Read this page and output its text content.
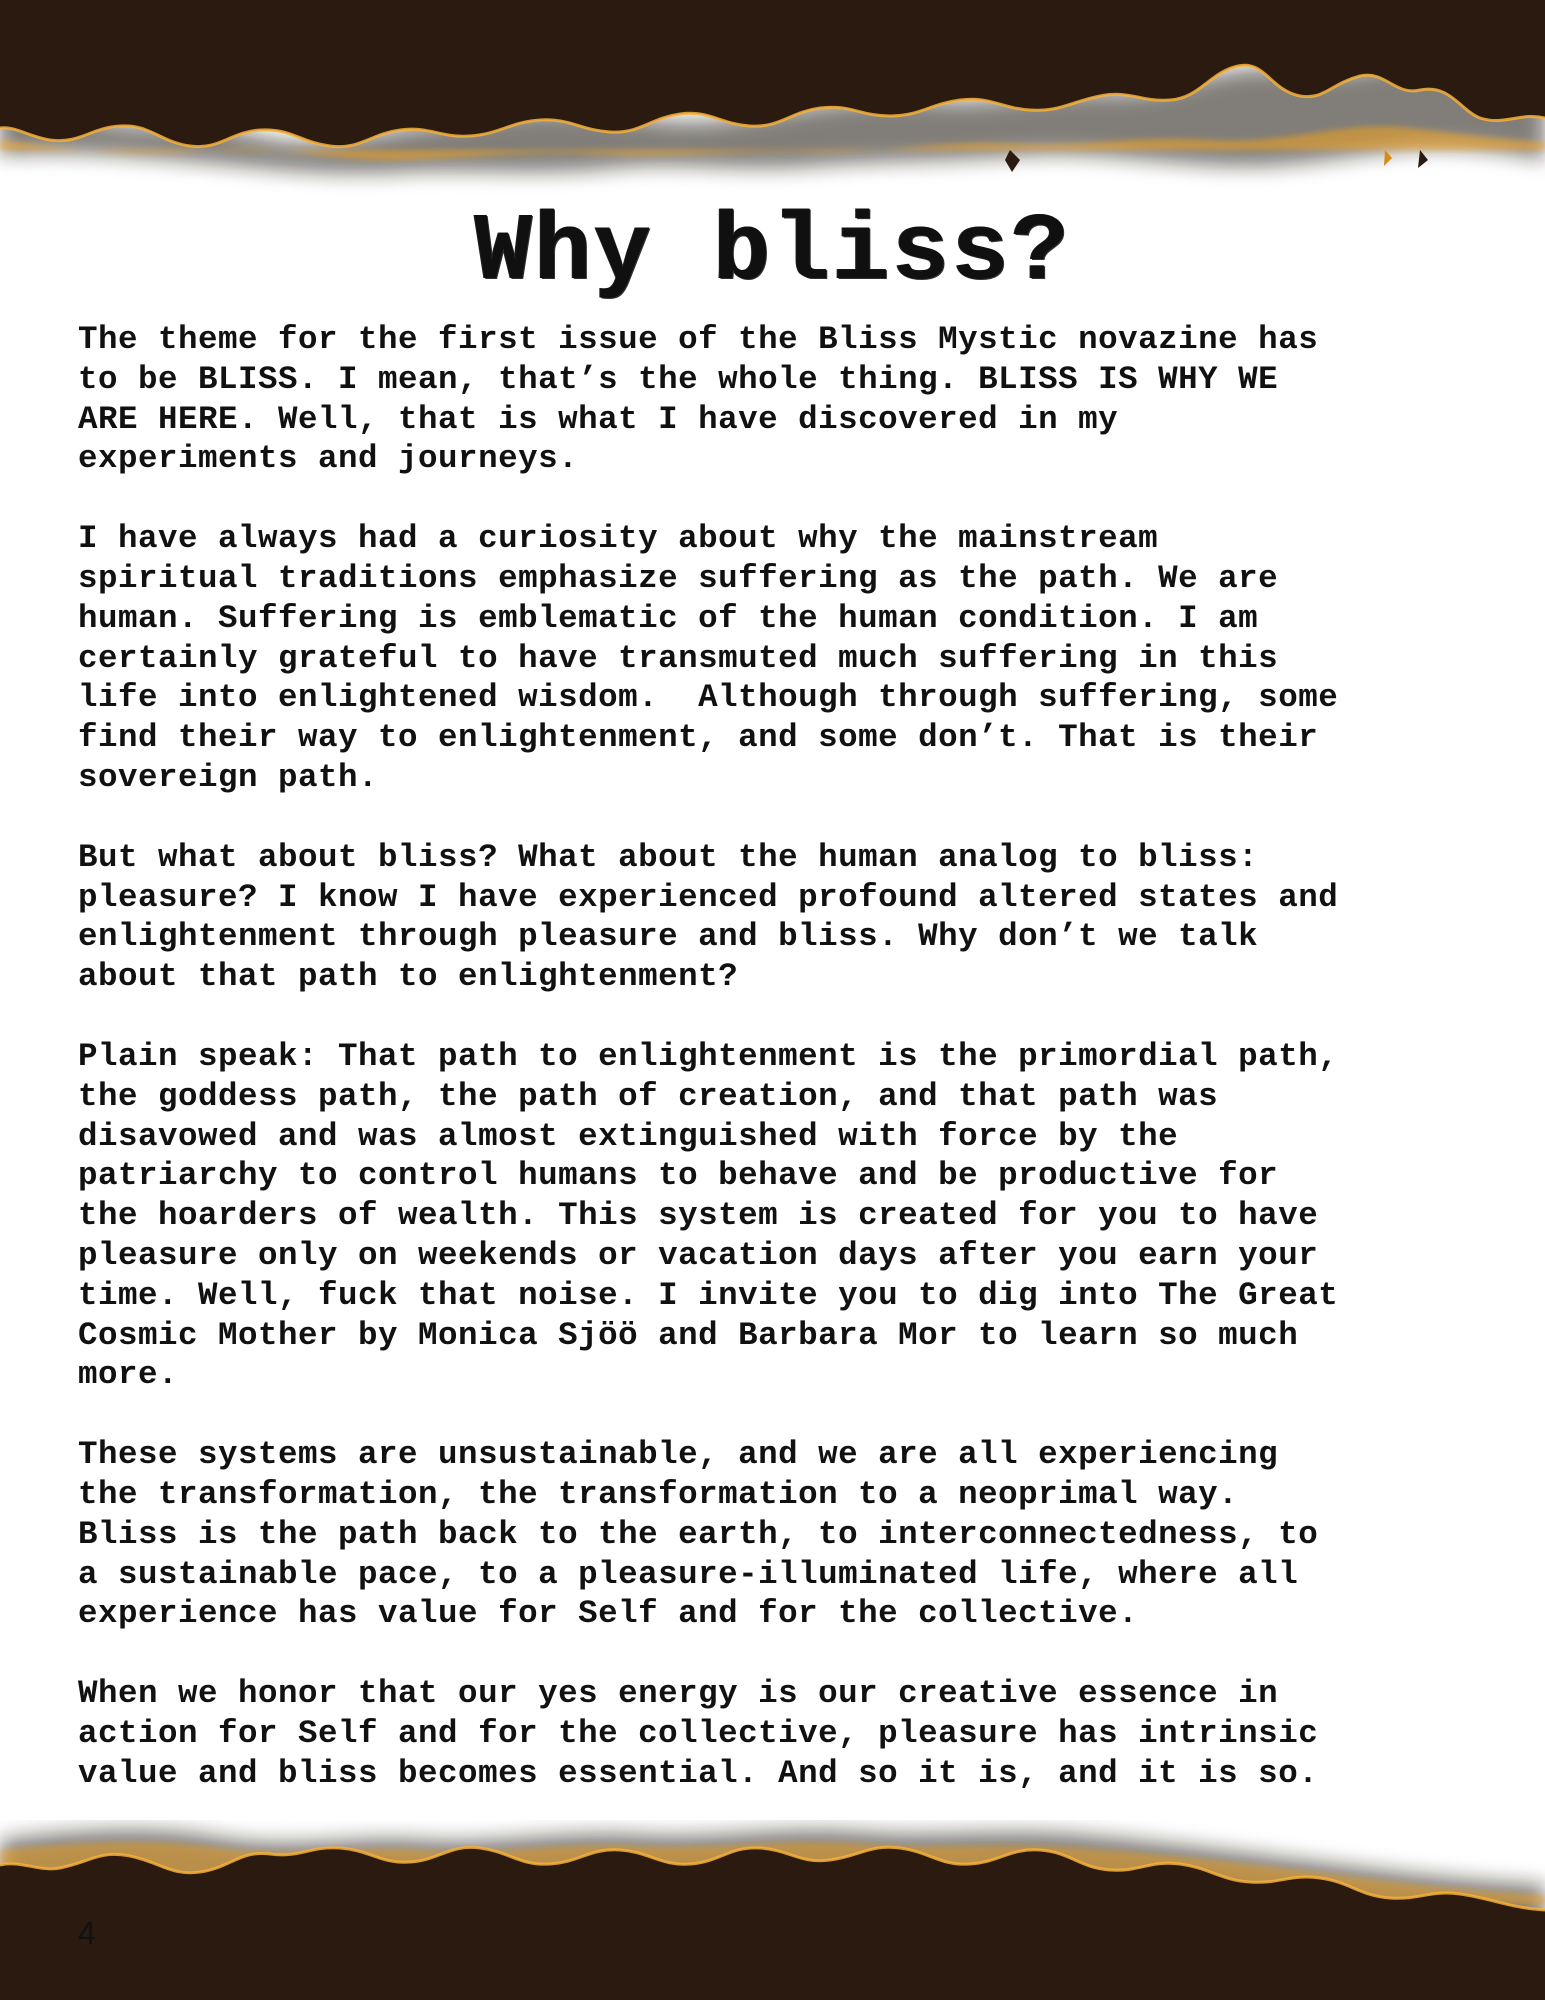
Why bliss?

The theme for the first issue of the Bliss Mystic novazine has
to be BLISS. I mean, that’s the whole thing. BLISS IS WHY WE
ARE HERE. Well, that is what I have discovered in my
experiments and journeys.

I have always had a curiosity about why the mainstream
spiritual traditions emphasize suffering as the path. We are
human. Suffering is emblematic of the human condition. I am
certainly grateful to have transmuted much suffering in this
life into enlightened wisdom.  Although through suffering, some
find their way to enlightenment, and some don’t. That is their
sovereign path.

But what about bliss? What about the human analog to bliss:
pleasure? I know I have experienced profound altered states and
enlightenment through pleasure and bliss. Why don’t we talk
about that path to enlightenment?

Plain speak: That path to enlightenment is the primordial path,
the goddess path, the path of creation, and that path was
disavowed and was almost extinguished with force by the
patriarchy to control humans to behave and be productive for
the hoarders of wealth. This system is created for you to have
pleasure only on weekends or vacation days after you earn your
time. Well, fuck that noise. I invite you to dig into The Great
Cosmic Mother by Monica Sjöö and Barbara Mor to learn so much
more.

These systems are unsustainable, and we are all experiencing
the transformation, the transformation to a neoprimal way.
Bliss is the path back to the earth, to interconnectedness, to
a sustainable pace, to a pleasure-illuminated life, where all
experience has value for Self and for the collective.

When we honor that our yes energy is our creative essence in
action for Self and for the collective, pleasure has intrinsic
value and bliss becomes essential. And so it is, and it is so.

4
